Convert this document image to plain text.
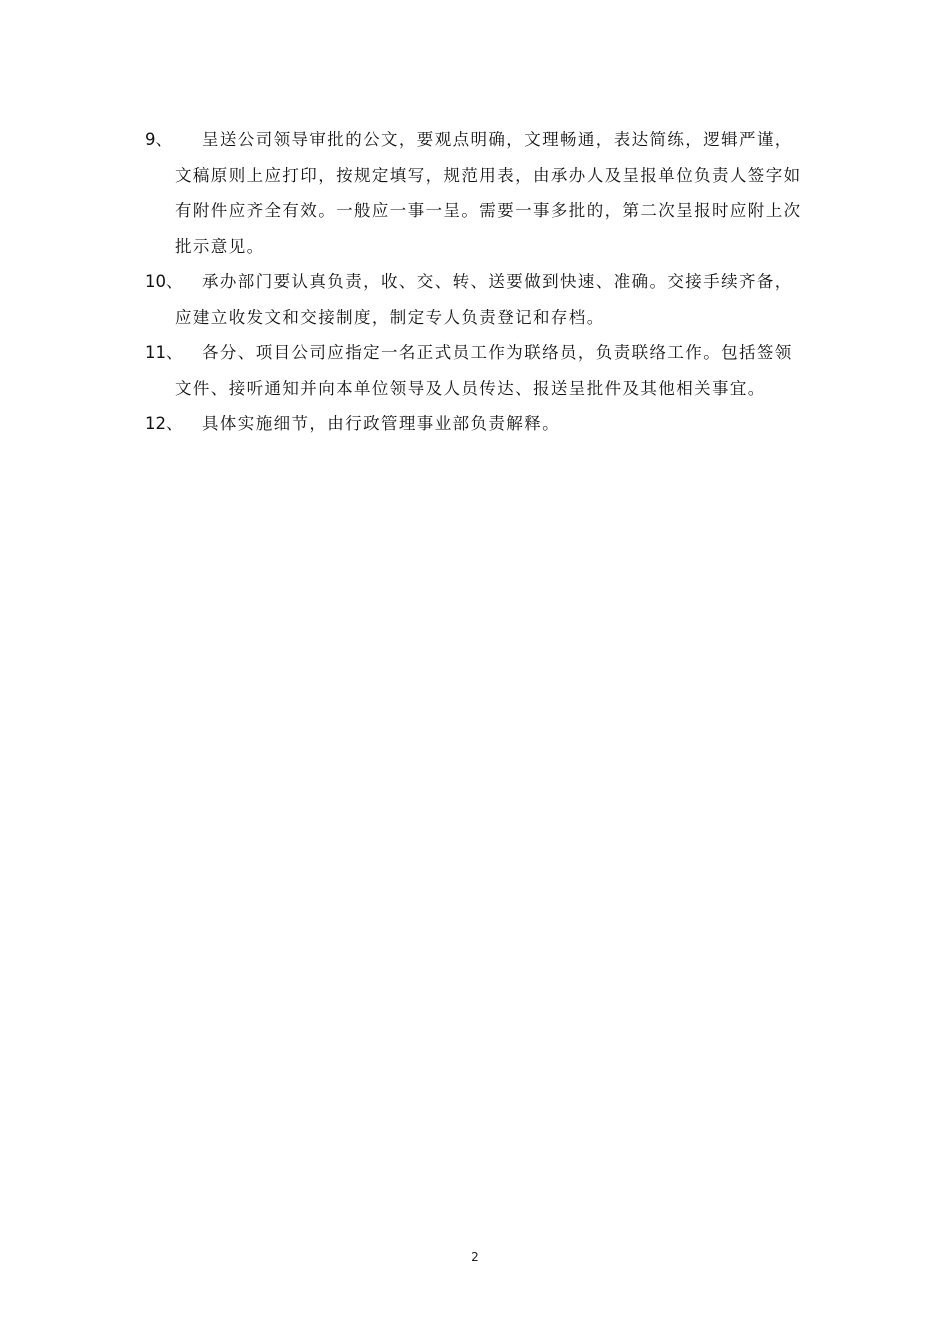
9、	呈送公司领导审批的公文，要观点明确，文理畅通，表达简练，逻辑严谨，文稿原则上应打印，按规定填写，规范用表，由承办人及呈报单位负责人签字如有附件应齐全有效。一般应一事一呈。需要一事多批的，第二次呈报时应附上次批示意见。

10、	承办部门要认真负责，收、交、转、送要做到快速、准确。交接手续齐备，应建立收发文和交接制度，制定专人负责登记和存档。

11、	各分、项目公司应指定一名正式员工作为联络员，负责联络工作。包括签领文件、接听通知并向本单位领导及人员传达、报送呈批件及其他相关事宜。

12、	具体实施细节，由行政管理事业部负责解释。

2
